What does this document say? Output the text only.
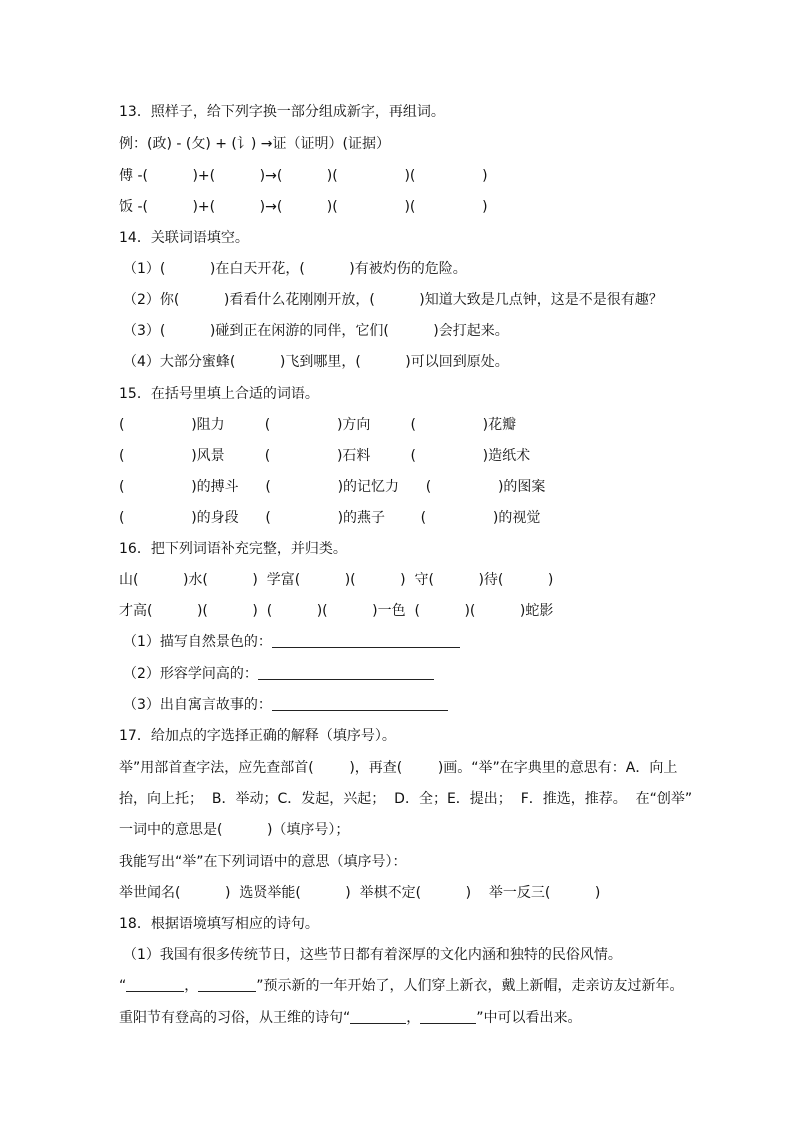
13．照样子，给下列字换一部分组成新字，再组词。
例：(政) - (攵) + (讠) →证（证明）(证据）
傅 -(          )+(          )→(          )(               )(               )
饭 -(          )+(          )→(          )(               )(               )
14．关联词语填空。
（1）(          )在白天开花，(          )有被灼伤的危险。
（2）你(          )看看什么花刚刚开放，(          )知道大致是几点钟，这是不是很有趣？
（3）(          )碰到正在闲游的同伴，它们(          )会打起来。
（4）大部分蜜蜂(          )飞到哪里，(          )可以回到原处。
15．在括号里填上合适的词语。
(               )阻力         (               )方向         (               )花瓣
(               )风景         (               )石料         (               )造纸术
(               )的搏斗      (               )的记忆力      (               )的图案
(               )的身段      (               )的燕子        (               )的视觉
16．把下列词语补充完整，并归类。
山(          )水(          )  学富(          )(          )  守(          )待(          )
才高(          )(          )  (          )(          )一色  (          )(          )蛇影
（1）描写自然景色的：
（2）形容学问高的：
（3）出自寓言故事的：
17．给加点的字选择正确的解释（填序号）。
举”用部首查字法，应先查部首(        )，再查(        )画。“举”在字典里的意思有：A．向上
抬，向上托；  B．举动；C．发起，兴起；  D．全；E．提出；  F．推选，推荐。  在“创举”
一词中的意思是(          )（填序号）；
我能写出“举”在下列词语中的意思（填序号）：
举世闻名(          )  选贤举能(          )  举棋不定(          )    举一反三(          )
18．根据语境填写相应的诗句。
（1）我国有很多传统节日，这些节日都有着深厚的文化内涵和独特的民俗风情。
“	，	”预示新的一年开始了，人们穿上新衣，戴上新帽，走亲访友过新年。
重阳节有登高的习俗，从王维的诗句“	，	”中可以看出来。
